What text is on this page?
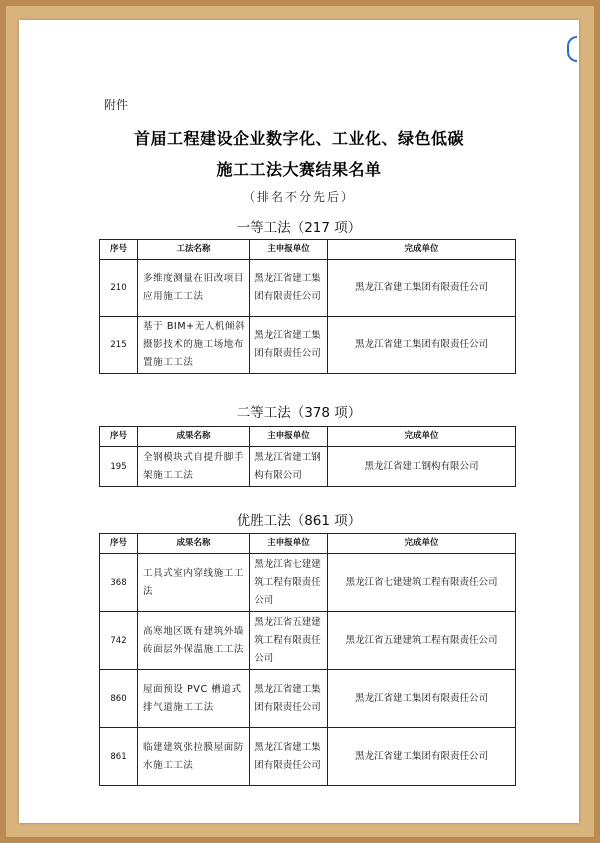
附件
首届工程建设企业数字化、工业化、绿色低碳
施工工法大赛结果名单
（排名不分先后）
一等工法（217 项）
序号	工法名称	主申报单位	完成单位
210	多维度测量在旧改项目应用施工工法	黑龙江省建工集团有限责任公司	黑龙江省建工集团有限责任公司
215	基于 BIM+无人机倾斜摄影技术的施工场地布置施工工法	黑龙江省建工集团有限责任公司	黑龙江省建工集团有限责任公司
二等工法（378 项）
序号	成果名称	主申报单位	完成单位
195	全钢模块式自提升脚手架施工工法	黑龙江省建工钢构有限公司	黑龙江省建工钢构有限公司
优胜工法（861 项）
序号	成果名称	主申报单位	完成单位
368	工具式室内穿线施工工法	黑龙江省七建建筑工程有限责任公司	黑龙江省七建建筑工程有限责任公司
742	高寒地区既有建筑外墙砖面层外保温施工工法	黑龙江省五建建筑工程有限责任公司	黑龙江省五建建筑工程有限责任公司
860	屋面预设 PVC 槽道式排气道施工工法	黑龙江省建工集团有限责任公司	黑龙江省建工集团有限责任公司
861	临建建筑张拉膜屋面防水施工工法	黑龙江省建工集团有限责任公司	黑龙江省建工集团有限责任公司
